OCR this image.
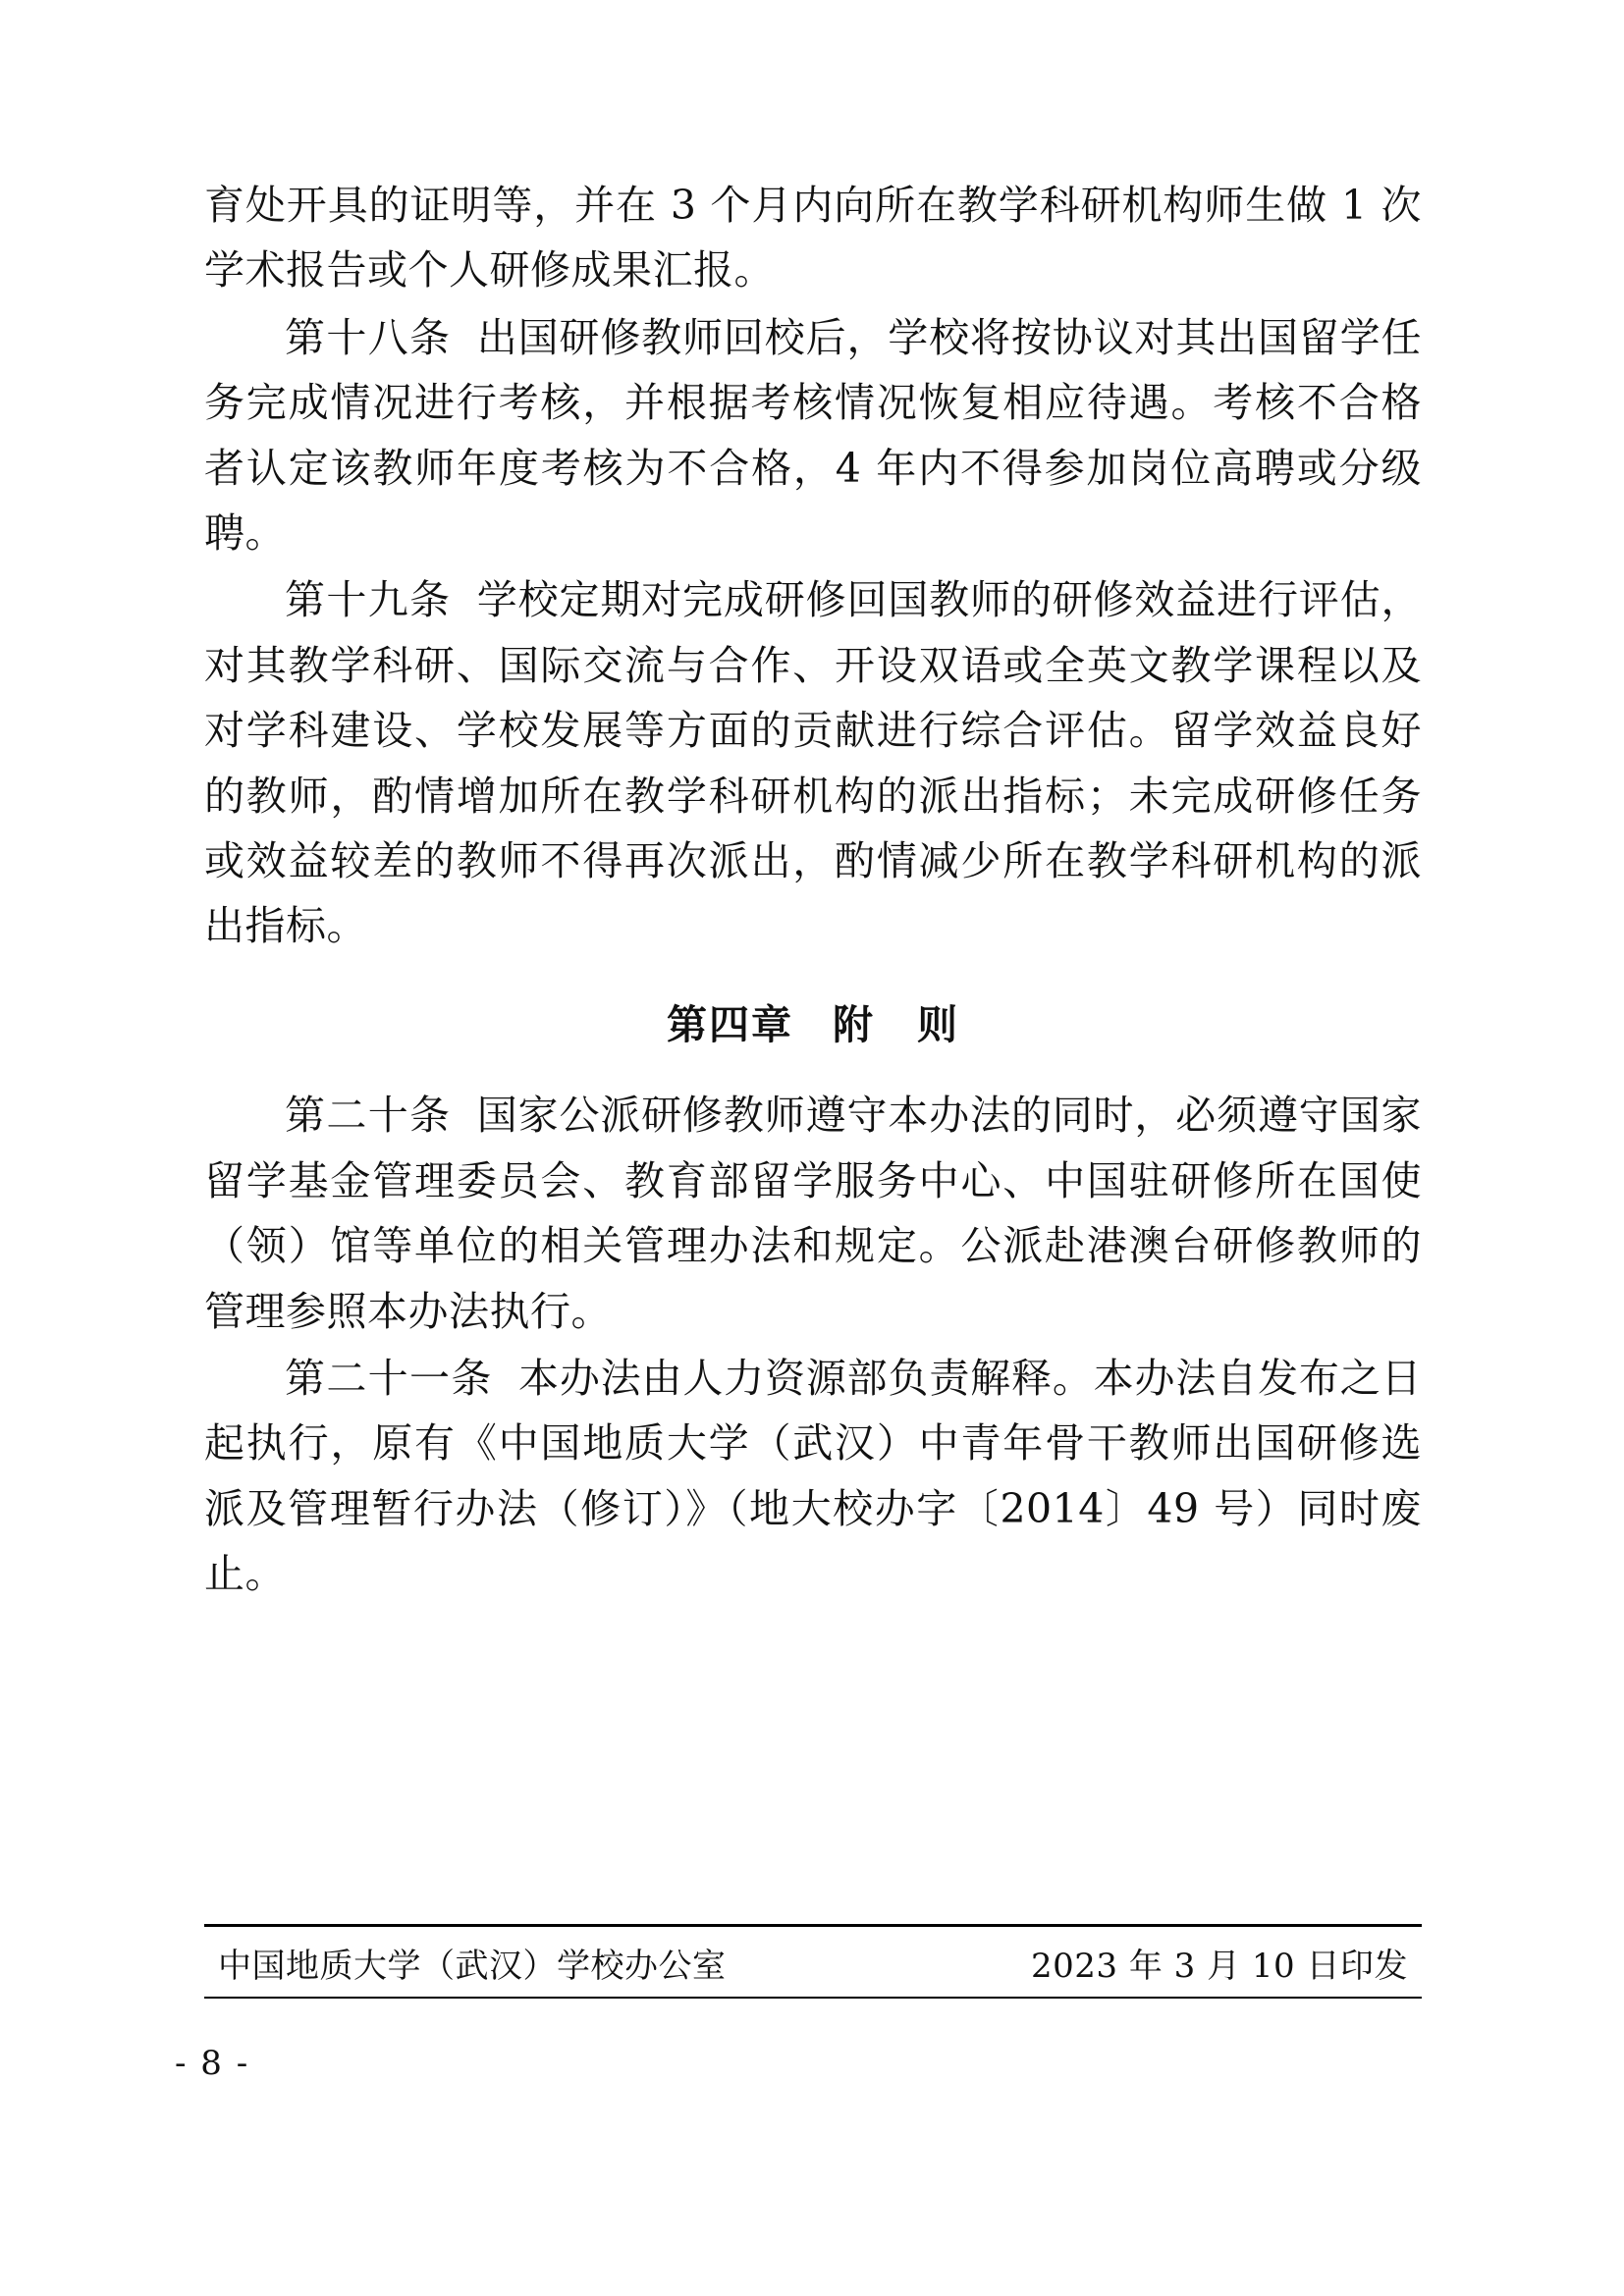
育处开具的证明等，并在 3 个月内向所在教学科研机构师生做 1 次学术报告或个人研修成果汇报。

第十八条 出国研修教师回校后，学校将按协议对其出国留学任务完成情况进行考核，并根据考核情况恢复相应待遇。考核不合格者认定该教师年度考核为不合格，4 年内不得参加岗位高聘或分级聘。

第十九条 学校定期对完成研修回国教师的研修效益进行评估，对其教学科研、国际交流与合作、开设双语或全英文教学课程以及对学科建设、学校发展等方面的贡献进行综合评估。留学效益良好的教师，酌情增加所在教学科研机构的派出指标；未完成研修任务或效益较差的教师不得再次派出，酌情减少所在教学科研机构的派出指标。

第四章 附　则

第二十条 国家公派研修教师遵守本办法的同时，必须遵守国家留学基金管理委员会、教育部留学服务中心、中国驻研修所在国使（领）馆等单位的相关管理办法和规定。公派赴港澳台研修教师的管理参照本办法执行。

第二十一条 本办法由人力资源部负责解释。本办法自发布之日起执行，原有《中国地质大学（武汉）中青年骨干教师出国研修选派及管理暂行办法（修订）》（地大校办字〔2014〕49 号）同时废止。

中国地质大学（武汉）学校办公室	2023 年 3 月 10 日印发
- 8 -
